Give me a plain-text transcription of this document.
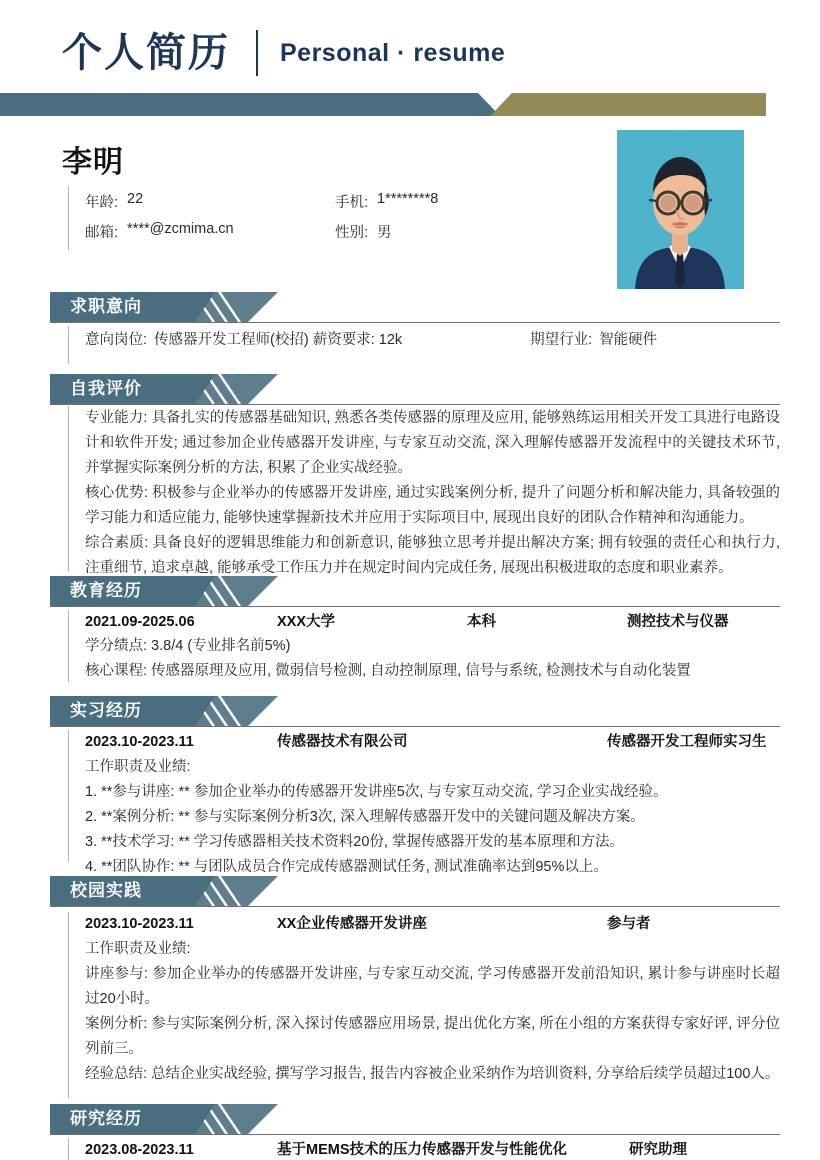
个人简历 Personal · resume
李明
年龄: 22	手机: 1********8
邮箱: ****@zcmima.cn	性别: 男
求职意向
意向岗位: 传感器开发工程师(校招) 薪资要求: 12k	期望行业: 智能硬件
自我评价
专业能力: 具备扎实的传感器基础知识, 熟悉各类传感器的原理及应用, 能够熟练运用相关开发工具进行电路设计和软件开发; 通过参加企业传感器开发讲座, 与专家互动交流, 深入理解传感器开发流程中的关键技术环节, 并掌握实际案例分析的方法, 积累了企业实战经验。
核心优势: 积极参与企业举办的传感器开发讲座, 通过实践案例分析, 提升了问题分析和解决能力, 具备较强的学习能力和适应能力, 能够快速掌握新技术并应用于实际项目中, 展现出良好的团队合作精神和沟通能力。
综合素质: 具备良好的逻辑思维能力和创新意识, 能够独立思考并提出解决方案; 拥有较强的责任心和执行力, 注重细节, 追求卓越, 能够承受工作压力并在规定时间内完成任务, 展现出积极进取的态度和职业素养。
教育经历
2021.09-2025.06	XXX大学	本科	测控技术与仪器
学分绩点: 3.8/4 (专业排名前5%)
核心课程: 传感器原理及应用, 微弱信号检测, 自动控制原理, 信号与系统, 检测技术与自动化装置
实习经历
2023.10-2023.11	传感器技术有限公司	传感器开发工程师实习生
工作职责及业绩:
1. **参与讲座: ** 参加企业举办的传感器开发讲座5次, 与专家互动交流, 学习企业实战经验。
2. **案例分析: ** 参与实际案例分析3次, 深入理解传感器开发中的关键问题及解决方案。
3. **技术学习: ** 学习传感器相关技术资料20份, 掌握传感器开发的基本原理和方法。
4. **团队协作: ** 与团队成员合作完成传感器测试任务, 测试准确率达到95%以上。
校园实践
2023.10-2023.11	XX企业传感器开发讲座	参与者
工作职责及业绩:
讲座参与: 参加企业举办的传感器开发讲座, 与专家互动交流, 学习传感器开发前沿知识, 累计参与讲座时长超过20小时。
案例分析: 参与实际案例分析, 深入探讨传感器应用场景, 提出优化方案, 所在小组的方案获得专家好评, 评分位列前三。
经验总结: 总结企业实战经验, 撰写学习报告, 报告内容被企业采纳作为培训资料, 分享给后续学员超过100人。
研究经历
2023.08-2023.11	基于MEMS技术的压力传感器开发与性能优化	研究助理
